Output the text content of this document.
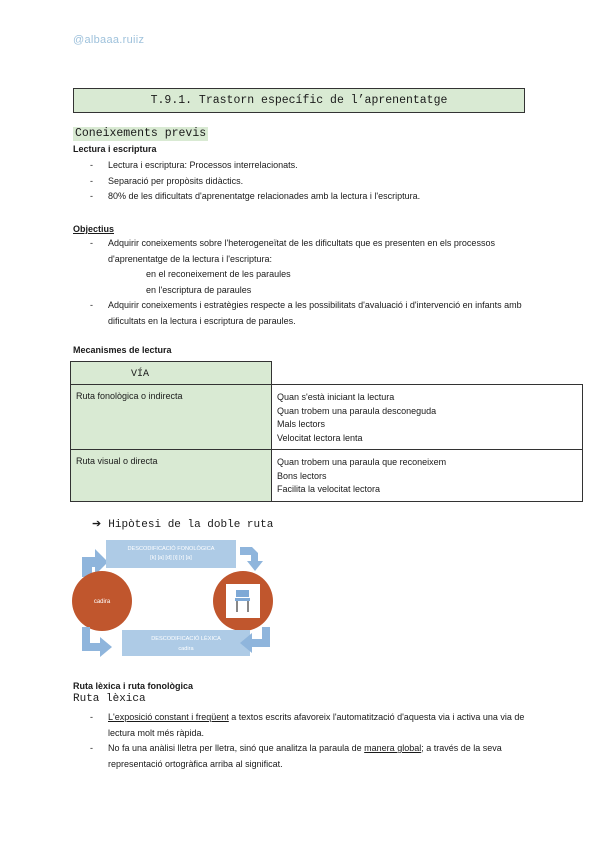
@albaaa.ruiiz
T.9.1. Trastorn específic de l’aprenentatge
Coneixements previs
Lectura i escriptura
- Lectura i escriptura: Processos interrelacionats.
- Separació per propòsits didàctics.
- 80% de les dificultats d'aprenentatge relacionades amb la lectura i l'escriptura.
Objectius
- Adquirir coneixements sobre l'heterogeneïtat de les dificultats que es presenten en els processos d'aprenentatge de la lectura i l'escriptura:
en el reconeixement de les paraules
en l'escriptura de paraules
- Adquirir coneixements i estratègies respecte a les possibilitats d'avaluació i d'intervenció en infants amb dificultats en la lectura i escriptura de paraules.
Mecanismes de lectura
VÍA	
Ruta fonològica o indirecta	Quan s'està iniciant la lectura
Quan trobem una paraula desconeguda
Mals lectors
Velocitat lectora lenta

Ruta visual o directa	Quan trobem una paraula que reconeixem
Bons lectors
Facilita la velocitat lectora
➔ Hipòtesi de la doble ruta
DESCODIFICACIÓ FONOLÒGICA
[k] [a] [d] [i] [r] [a]
cadira
DESCODIFICACIÓ LÈXICA
cadira
Ruta lèxica i ruta fonològica
Ruta lèxica
- L'exposició constant i freqüent a textos escrits afavoreix l'automatització d'aquesta via i activa una via de lectura molt més ràpida.
- No fa una anàlisi lletra per lletra, sinó que analitza la paraula de manera global; a través de la seva representació ortogràfica arriba al significat.
